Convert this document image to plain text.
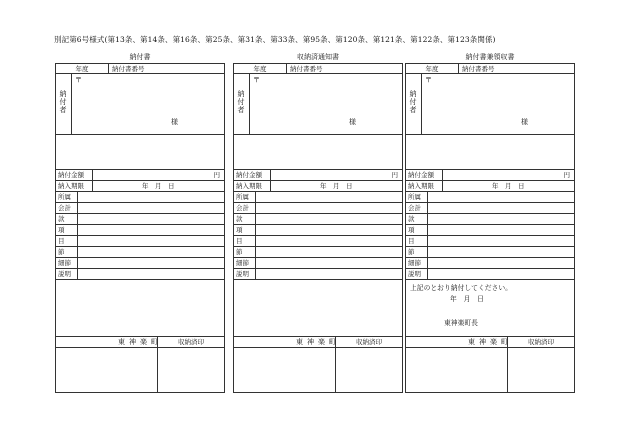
別記第6号様式(第13条、第14条、第16条、第25条、第31条、第33条、第95条、第120条、第121条、第122条、第123条関係)
納付書
年度	納付書番号
納付者
〒
様
納付金額	円
納入期限	年　月　日
所属
会計
款
項
目
節
細節
説明
東神楽町	収納済印
収納済通知書
年度	納付書番号
納付者
〒
様
納付金額	円
納入期限	年　月　日
所属
会計
款
項
目
節
細節
説明
東神楽町	収納済印
納付書兼領収書
年度	納付書番号
納付者
〒
様
納付金額	円
納入期限	年　月　日
所属
会計
款
項
目
節
細節
説明
上記のとおり納付してください。
年　月　日
東神楽町長
東神楽町	収納済印
